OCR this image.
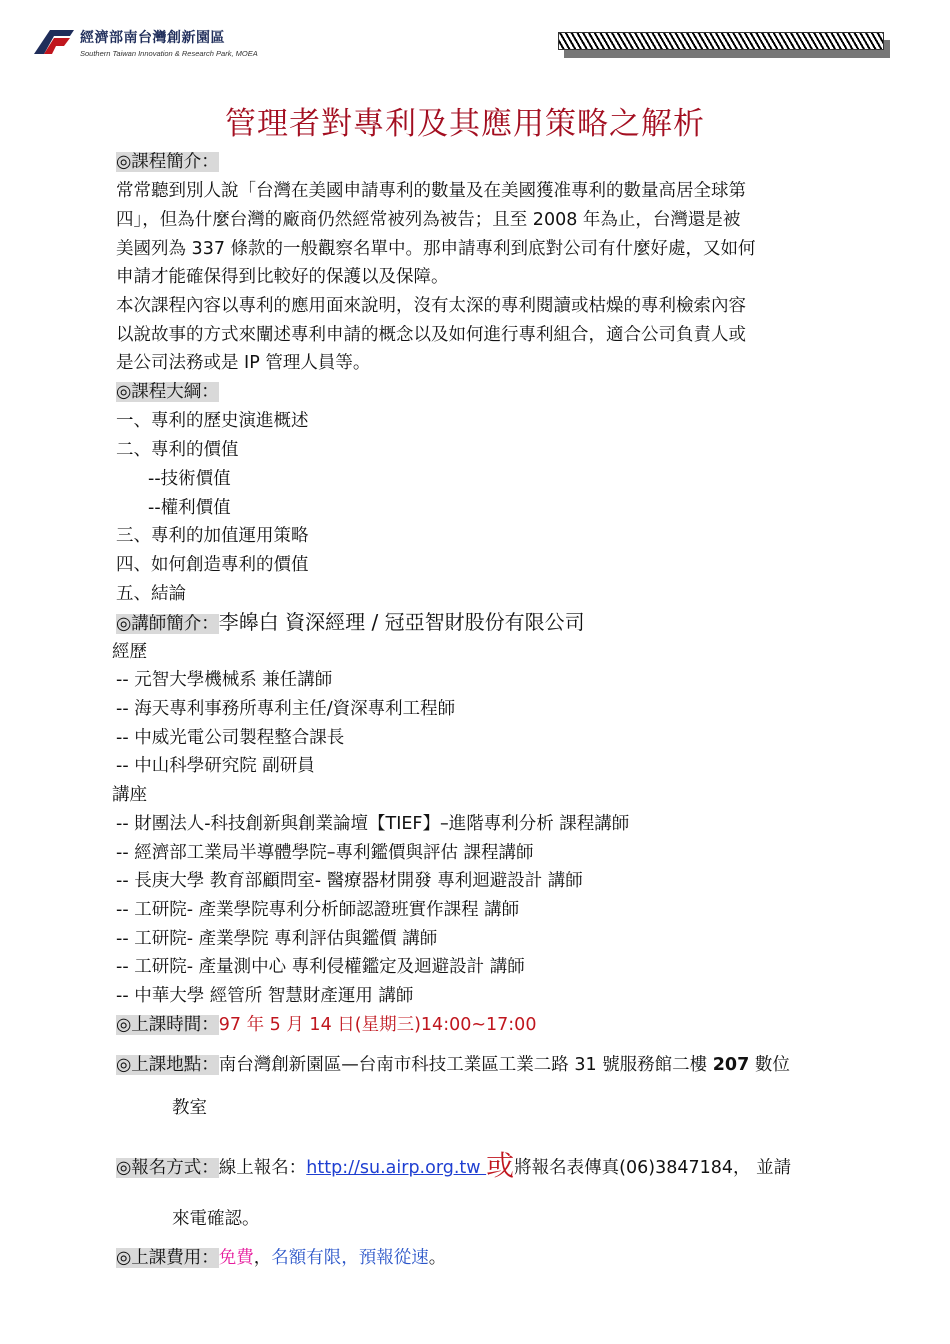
經濟部南台灣創新園區
Southern Taiwan Innovation & Research Park, MOEA
管理者對專利及其應用策略之解析
◎課程簡介：
常常聽到別人說「台灣在美國申請專利的數量及在美國獲准專利的數量高居全球第
四」，但為什麼台灣的廠商仍然經常被列為被告；且至 2008 年為止，台灣還是被
美國列為 337 條款的一般觀察名單中。那申請專利到底對公司有什麼好處，又如何
申請才能確保得到比較好的保護以及保障。
本次課程內容以專利的應用面來說明，沒有太深的專利閱讀或枯燥的專利檢索內容
以說故事的方式來闡述專利申請的概念以及如何進行專利組合，適合公司負責人或
是公司法務或是 IP 管理人員等。
◎課程大綱：
一、專利的歷史演進概述
二、專利的價值
--技術價值
--權利價值
三、專利的加值運用策略
四、如何創造專利的價值
五、結論
◎講師簡介：李皞白 資深經理 / 冠亞智財股份有限公司
經歷
-- 元智大學機械系 兼任講師
-- 海天專利事務所專利主任/資深專利工程師
-- 中威光電公司製程整合課長
-- 中山科學研究院 副研員
講座
-- 財團法人-科技創新與創業論壇【TIEF】–進階專利分析 課程講師
-- 經濟部工業局半導體學院–專利鑑價與評估 課程講師
-- 長庚大學 教育部顧問室- 醫療器材開發 專利迴避設計 講師
-- 工研院- 產業學院專利分析師認證班實作課程 講師
-- 工研院- 產業學院 專利評估與鑑價 講師
-- 工研院- 產量測中心 專利侵權鑑定及迴避設計 講師
-- 中華大學 經管所 智慧財產運用 講師
◎上課時間：97 年 5 月 14 日(星期三)14:00~17:00
◎上課地點：南台灣創新園區—台南市科技工業區工業二路 31 號服務館二樓 207 數位
教室
◎報名方式：線上報名：http://su.airp.org.tw 或將報名表傳真(06)3847184， 並請
來電確認。
◎上課費用：免費，名額有限，預報從速。
